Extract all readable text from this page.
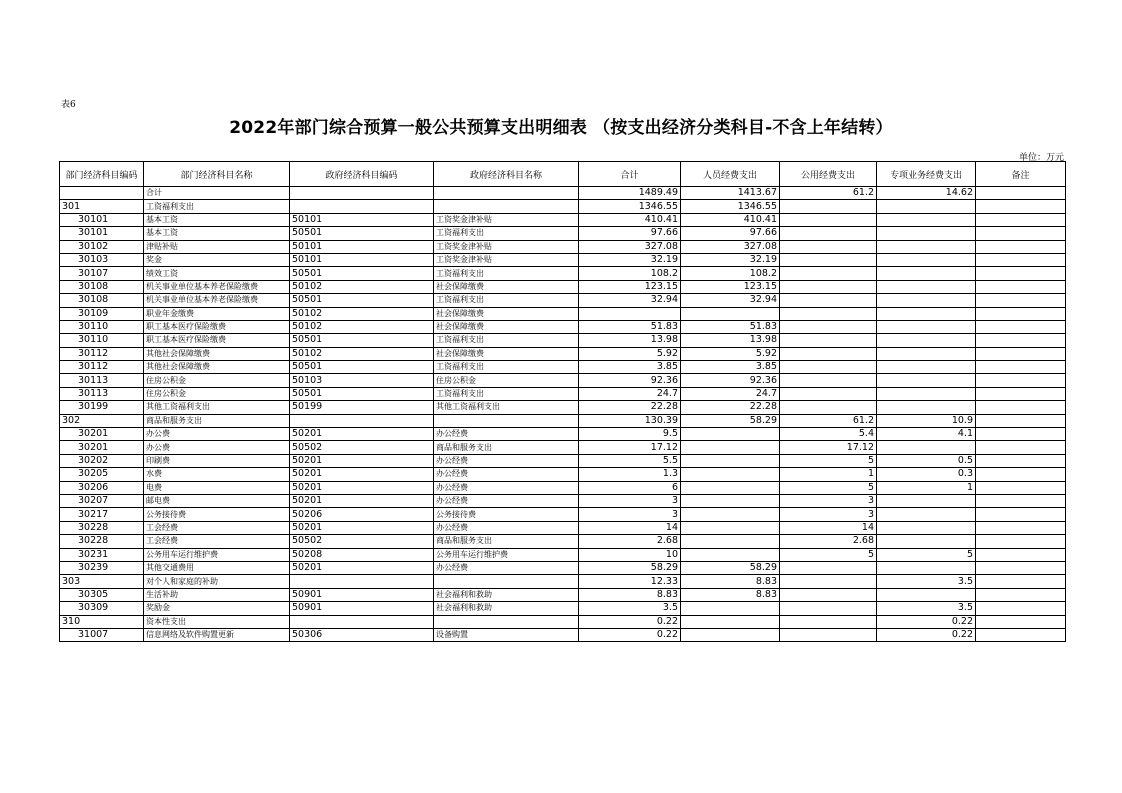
表6
2022年部门综合预算一般公共预算支出明细表 （按支出经济分类科目-不含上年结转）
单位：万元
部门经济科目编码	部门经济科目名称	政府经济科目编码	政府经济科目名称	合计	人员经费支出	公用经费支出	专项业务经费支出	备注
	合计			1489.49	1413.67	61.2	14.62	
301	工资福利支出			1346.55	1346.55			
30101	基本工资	50101	工资奖金津补贴	410.41	410.41			
30101	基本工资	50501	工资福利支出	97.66	97.66			
30102	津贴补贴	50101	工资奖金津补贴	327.08	327.08			
30103	奖金	50101	工资奖金津补贴	32.19	32.19			
30107	绩效工资	50501	工资福利支出	108.2	108.2			
30108	机关事业单位基本养老保险缴费	50102	社会保障缴费	123.15	123.15			
30108	机关事业单位基本养老保险缴费	50501	工资福利支出	32.94	32.94			
30109	职业年金缴费	50102	社会保障缴费					
30110	职工基本医疗保险缴费	50102	社会保障缴费	51.83	51.83			
30110	职工基本医疗保险缴费	50501	工资福利支出	13.98	13.98			
30112	其他社会保障缴费	50102	社会保障缴费	5.92	5.92			
30112	其他社会保障缴费	50501	工资福利支出	3.85	3.85			
30113	住房公积金	50103	住房公积金	92.36	92.36			
30113	住房公积金	50501	工资福利支出	24.7	24.7			
30199	其他工资福利支出	50199	其他工资福利支出	22.28	22.28			
302	商品和服务支出			130.39	58.29	61.2	10.9	
30201	办公费	50201	办公经费	9.5		5.4	4.1	
30201	办公费	50502	商品和服务支出	17.12		17.12		
30202	印刷费	50201	办公经费	5.5		5	0.5	
30205	水费	50201	办公经费	1.3		1	0.3	
30206	电费	50201	办公经费	6		5	1	
30207	邮电费	50201	办公经费	3		3		
30217	公务接待费	50206	公务接待费	3		3		
30228	工会经费	50201	办公经费	14		14		
30228	工会经费	50502	商品和服务支出	2.68		2.68		
30231	公务用车运行维护费	50208	公务用车运行维护费	10		5	5	
30239	其他交通费用	50201	办公经费	58.29	58.29			
303	对个人和家庭的补助			12.33	8.83		3.5	
30305	生活补助	50901	社会福利和救助	8.83	8.83			
30309	奖励金	50901	社会福利和救助	3.5			3.5	
310	资本性支出			0.22			0.22	
31007	信息网络及软件购置更新	50306	设备购置	0.22			0.22	
